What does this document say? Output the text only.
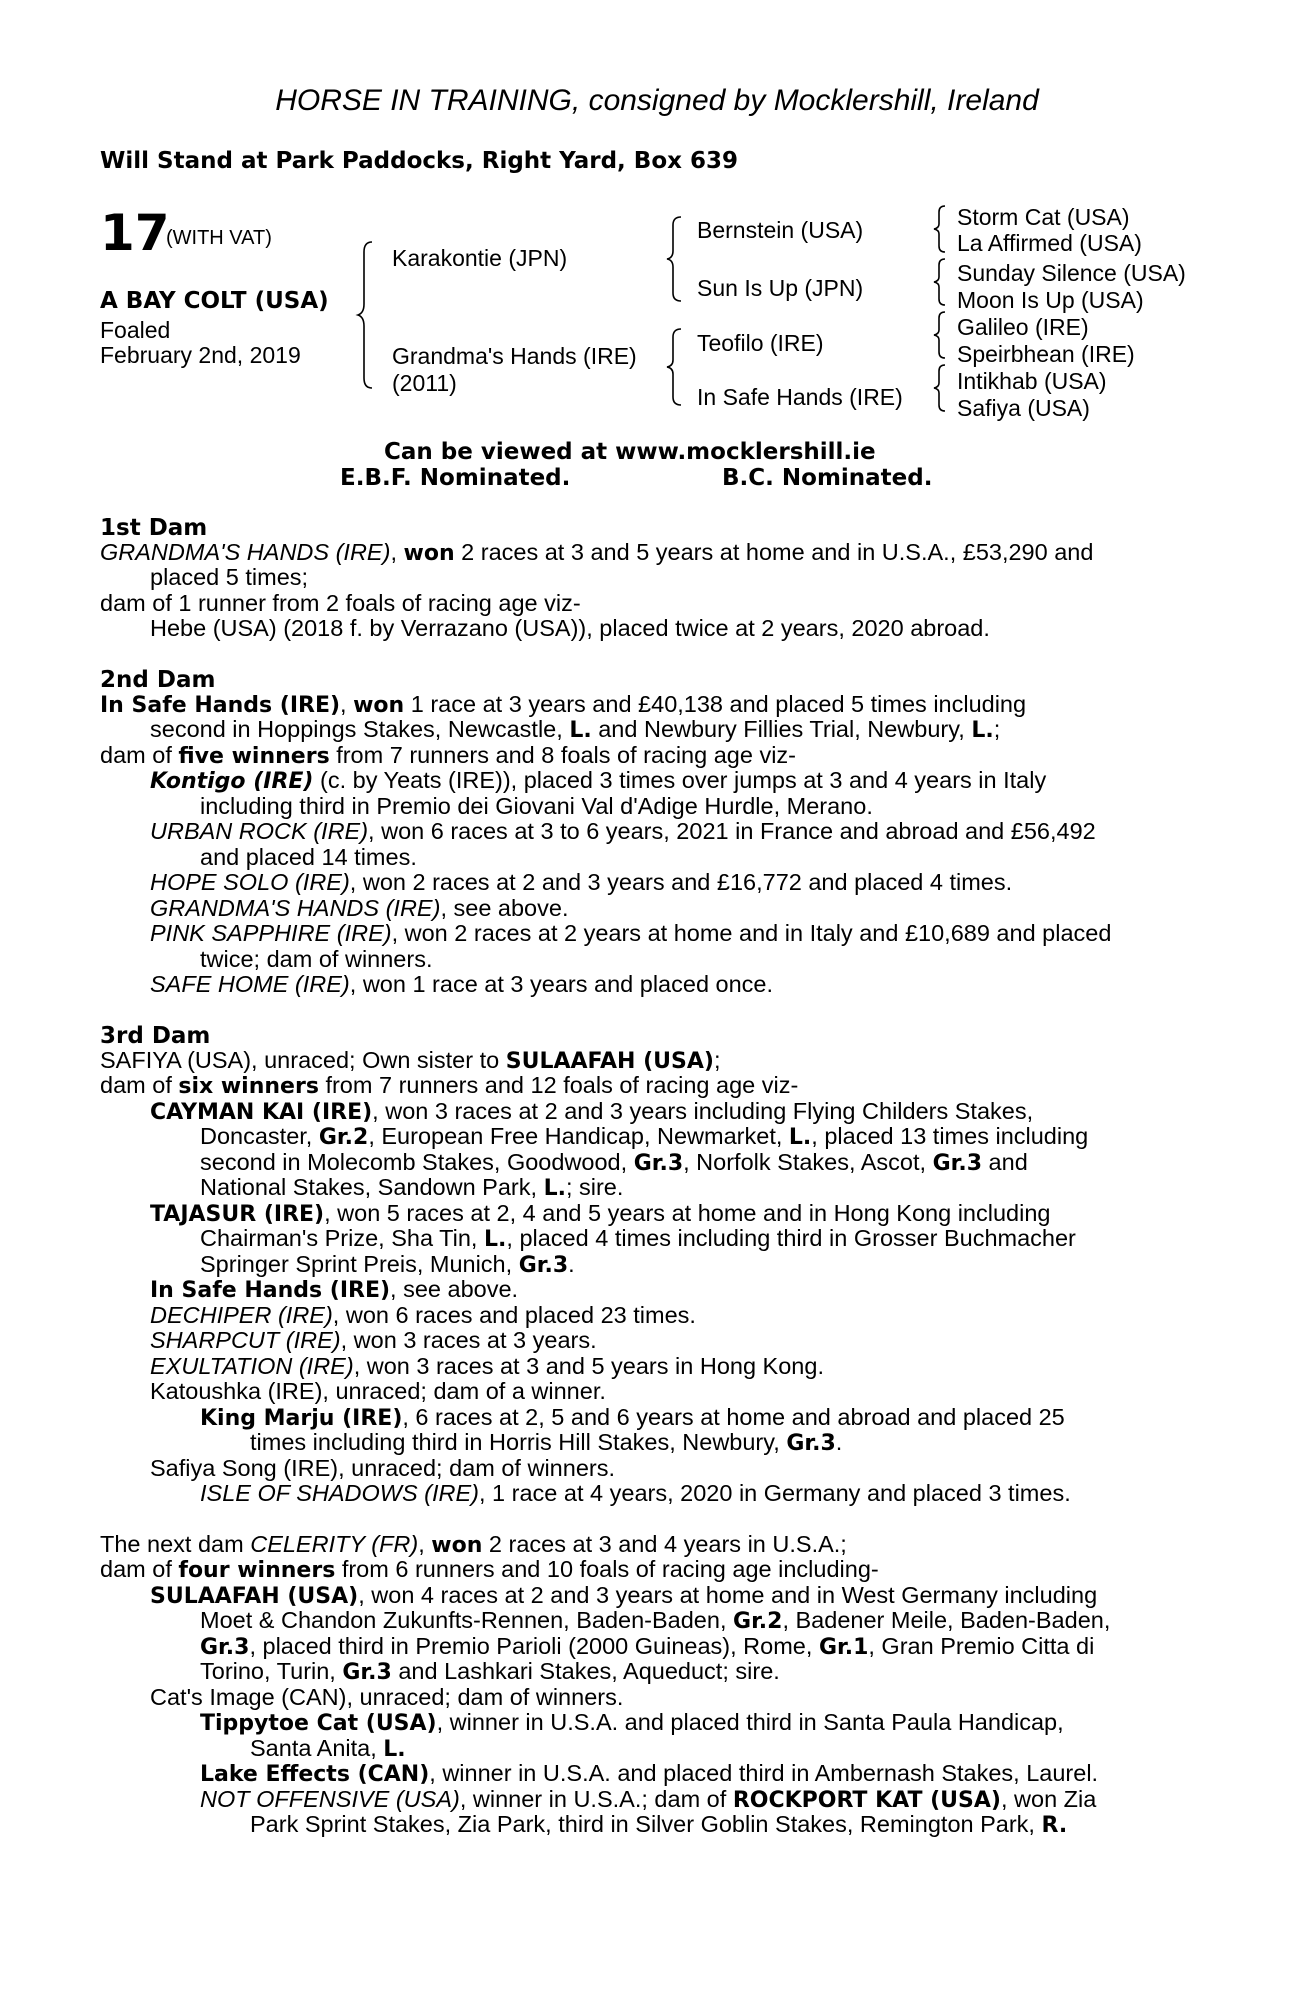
HORSE IN TRAINING, consigned by Mocklershill, Ireland
Will Stand at Park Paddocks, Right Yard, Box 639
17
(WITH VAT)
A BAY COLT (USA)
Foaled
February 2nd, 2019
Karakontie (JPN)
Grandma's Hands (IRE)
(2011)
Bernstein (USA)
Sun Is Up (JPN)
Teofilo (IRE)
In Safe Hands (IRE)
Storm Cat (USA)
La Affirmed (USA)
Sunday Silence (USA)
Moon Is Up (USA)
Galileo (IRE)
Speirbhean (IRE)
Intikhab (USA)
Safiya (USA)
Can be viewed at www.mocklershill.ie
E.B.F. Nominated.	B.C. Nominated.
1st Dam
GRANDMA'S HANDS (IRE), won 2 races at 3 and 5 years at home and in U.S.A., £53,290 and
placed 5 times;
dam of 1 runner from 2 foals of racing age viz-
Hebe (USA) (2018 f. by Verrazano (USA)), placed twice at 2 years, 2020 abroad.
2nd Dam
In Safe Hands (IRE), won 1 race at 3 years and £40,138 and placed 5 times including
second in Hoppings Stakes, Newcastle, L. and Newbury Fillies Trial, Newbury, L.;
dam of five winners from 7 runners and 8 foals of racing age viz-
Kontigo (IRE) (c. by Yeats (IRE)), placed 3 times over jumps at 3 and 4 years in Italy
including third in Premio dei Giovani Val d'Adige Hurdle, Merano.
URBAN ROCK (IRE), won 6 races at 3 to 6 years, 2021 in France and abroad and £56,492
and placed 14 times.
HOPE SOLO (IRE), won 2 races at 2 and 3 years and £16,772 and placed 4 times.
GRANDMA'S HANDS (IRE), see above.
PINK SAPPHIRE (IRE), won 2 races at 2 years at home and in Italy and £10,689 and placed
twice; dam of winners.
SAFE HOME (IRE), won 1 race at 3 years and placed once.
3rd Dam
SAFIYA (USA), unraced; Own sister to SULAAFAH (USA);
dam of six winners from 7 runners and 12 foals of racing age viz-
CAYMAN KAI (IRE), won 3 races at 2 and 3 years including Flying Childers Stakes,
Doncaster, Gr.2, European Free Handicap, Newmarket, L., placed 13 times including
second in Molecomb Stakes, Goodwood, Gr.3, Norfolk Stakes, Ascot, Gr.3 and
National Stakes, Sandown Park, L.; sire.
TAJASUR (IRE), won 5 races at 2, 4 and 5 years at home and in Hong Kong including
Chairman's Prize, Sha Tin, L., placed 4 times including third in Grosser Buchmacher
Springer Sprint Preis, Munich, Gr.3.
In Safe Hands (IRE), see above.
DECHIPER (IRE), won 6 races and placed 23 times.
SHARPCUT (IRE), won 3 races at 3 years.
EXULTATION (IRE), won 3 races at 3 and 5 years in Hong Kong.
Katoushka (IRE), unraced; dam of a winner.
King Marju (IRE), 6 races at 2, 5 and 6 years at home and abroad and placed 25
times including third in Horris Hill Stakes, Newbury, Gr.3.
Safiya Song (IRE), unraced; dam of winners.
ISLE OF SHADOWS (IRE), 1 race at 4 years, 2020 in Germany and placed 3 times.
The next dam CELERITY (FR), won 2 races at 3 and 4 years in U.S.A.;
dam of four winners from 6 runners and 10 foals of racing age including-
SULAAFAH (USA), won 4 races at 2 and 3 years at home and in West Germany including
Moet & Chandon Zukunfts-Rennen, Baden-Baden, Gr.2, Badener Meile, Baden-Baden,
Gr.3, placed third in Premio Parioli (2000 Guineas), Rome, Gr.1, Gran Premio Citta di
Torino, Turin, Gr.3 and Lashkari Stakes, Aqueduct; sire.
Cat's Image (CAN), unraced; dam of winners.
Tippytoe Cat (USA), winner in U.S.A. and placed third in Santa Paula Handicap,
Santa Anita, L.
Lake Effects (CAN), winner in U.S.A. and placed third in Ambernash Stakes, Laurel.
NOT OFFENSIVE (USA), winner in U.S.A.; dam of ROCKPORT KAT (USA), won Zia
Park Sprint Stakes, Zia Park, third in Silver Goblin Stakes, Remington Park, R.
